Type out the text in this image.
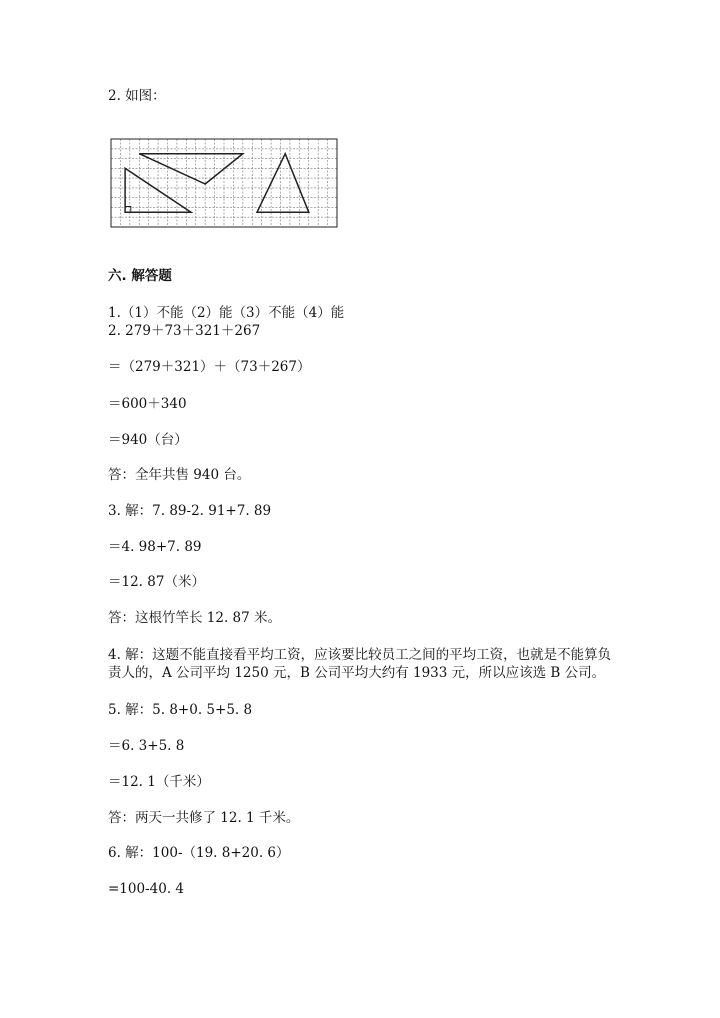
2. 如图：
六. 解答题
1.（1）不能（2）能（3）不能（4）能
2. 279＋73＋321＋267
＝（279＋321）＋（73＋267）
＝600＋340
＝940（台）
答：全年共售 940 台。
3. 解：7. 89-2. 91+7. 89
＝4. 98+7. 89
＝12. 87（米）
答：这根竹竿长 12. 87 米。
4. 解：这题不能直接看平均工资，应该要比较员工之间的平均工资，也就是不能算负责人的，A 公司平均 1250 元，B 公司平均大约有 1933 元，所以应该选 B 公司。
5. 解：5. 8+0. 5+5. 8
＝6. 3+5. 8
＝12. 1（千米）
答：两天一共修了 12. 1 千米。
6. 解：100-（19. 8+20. 6）
=100-40. 4
